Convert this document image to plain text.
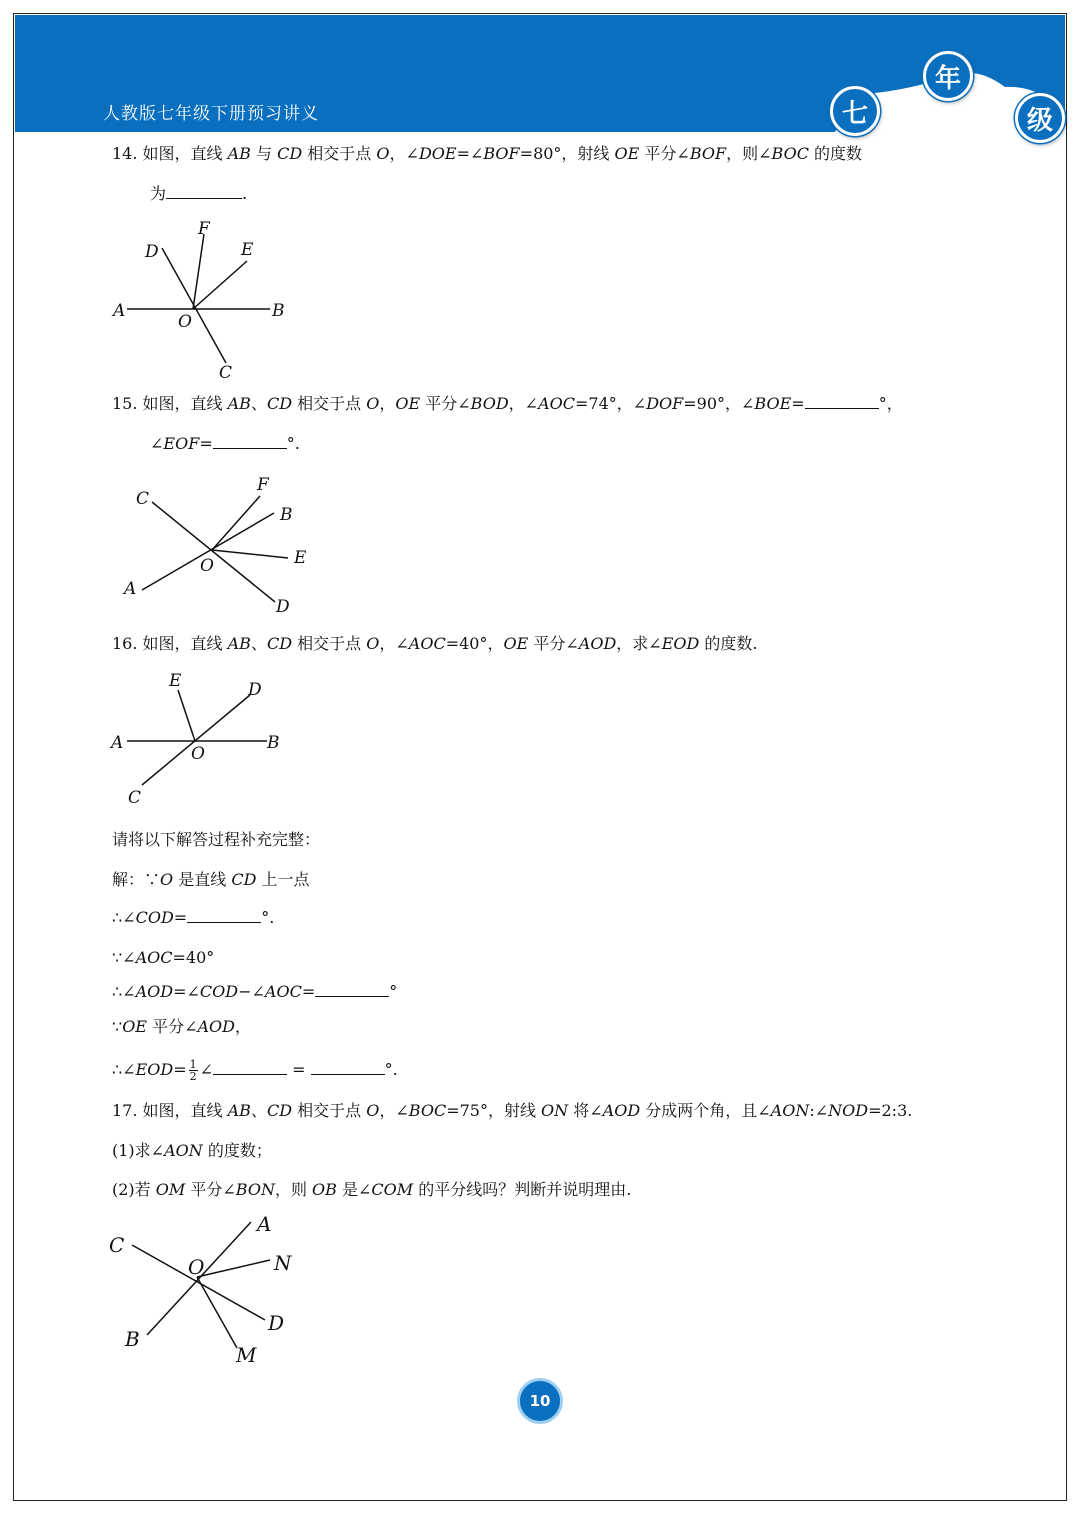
人教版七年级下册预习讲义	七
年
级
14. 如图，直线 AB 与 CD 相交于点 O，∠DOE=∠BOF=80°，射线 OE 平分∠BOF，则∠BOC 的度数
为	.
D
F
E
A
O
B
C
15. 如图，直线 AB、CD 相交于点 O，OE 平分∠BOD，∠AOC=74°，∠DOF=90°，∠BOE=	°，
∠EOF=	°.
F
C
B
E
O
A
D
16. 如图，直线 AB、CD 相交于点 O，∠AOC=40°，OE 平分∠AOD，求∠EOD 的度数.
E	D
A
O
B
C
请将以下解答过程补充完整：
解：∵O 是直线 CD 上一点
∴∠COD=	°.
∵∠AOC=40°
∴∠AOD=∠COD−∠AOC=	°
∵OE 平分∠AOD，
∴∠EOD= $\frac{1}{2}$ ∠	=	°.
17. 如图，直线 AB、CD 相交于点 O，∠BOC=75°，射线 ON 将∠AOD 分成两个角，且∠AON:∠NOD=2:3.
(1)求∠AON 的度数；
(2)若 OM 平分∠BON，则 OB 是∠COM 的平分线吗？判断并说明理由.
C
A
O	N
D
B
M
10
